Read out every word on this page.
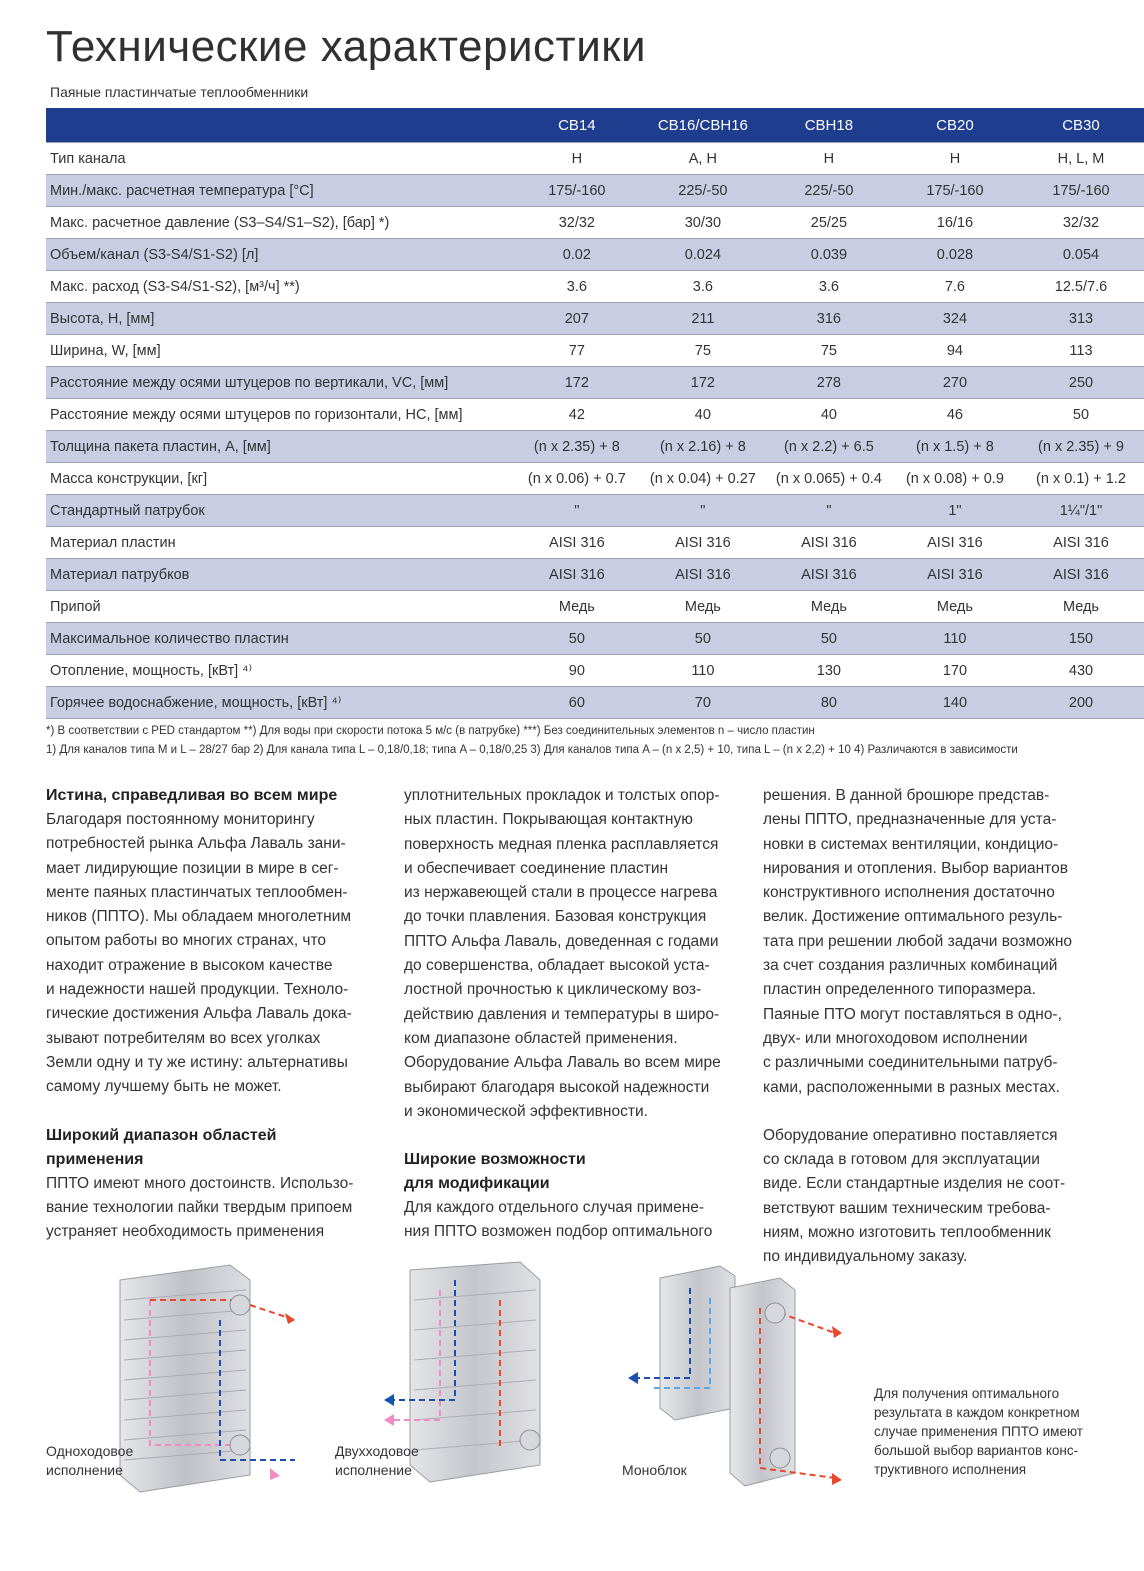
Технические характеристики
Паяные пластинчатые теплообменники
	CB14	CB16/CBH16	CBH18	CB20	CB30
Тип канала	H	A, H	H	H	H, L, M
Мин./макс. расчетная температура [°C]	175/-160	225/-50	225/-50	175/-160	175/-160
Макс. расчетное давление (S3–S4/S1–S2), [бар] *)	32/32	30/30	25/25	16/16	32/32
Объем/канал (S3-S4/S1-S2) [л]	0.02	0.024	0.039	0.028	0.054
Макс. расход (S3-S4/S1-S2), [м³/ч] **)	3.6	3.6	3.6	7.6	12.5/7.6
Высота, H, [мм]	207	211	316	324	313
Ширина, W, [мм]	77	75	75	94	113
Расстояние между осями штуцеров по вертикали, VC, [мм]	172	172	278	270	250
Расстояние между осями штуцеров по горизонтали, HC, [мм]	42	40	40	46	50
Толщина пакета пластин, A, [мм]	(n x 2.35) + 8	(n x 2.16) + 8	(n x 2.2) + 6.5	(n x 1.5) + 8	(n x 2.35) + 9
Масса конструкции, [кг]	(n x 0.06) + 0.7	(n x 0.04) + 0.27	(n x 0.065) + 0.4	(n x 0.08) + 0.9	(n x 0.1) + 1.2
Стандартный патрубок	"	"	"	1"	1¼"/1"
Материал пластин	AISI 316	AISI 316	AISI 316	AISI 316	AISI 316
Материал патрубков	AISI 316	AISI 316	AISI 316	AISI 316	AISI 316
Припой	Медь	Медь	Медь	Медь	Медь
Максимальное количество пластин	50	50	50	110	150
Отопление, мощность, [кВт] ⁴⁾	90	110	130	170	430
Горячее водоснабжение, мощность, [кВт] ⁴⁾	60	70	80	140	200
*) В соответствии с PED стандартом **) Для воды при скорости потока 5 м/с (в патрубке) ***) Без соединительных элементов n – число пластин
1) Для каналов типа M и L – 28/27 бар 2) Для канала типа L – 0,18/0,18; типа A – 0,18/0,25 3) Для каналов типа A – (n x 2,5) + 10, типа L – (n x 2,2) + 10 4) Различаются в зависимости
Истина, справедливая во всем мире
Благодаря постоянному мониторингу
потребностей рынка Альфа Лаваль зани-
мает лидирующие позиции в мире в сег-
менте паяных пластинчатых теплообмен-
ников (ППТО). Мы обладаем многолетним
опытом работы во многих странах, что
находит отражение в высоком качестве
и надежности нашей продукции. Техноло-
гические достижения Альфа Лаваль дока-
зывают потребителям во всех уголках
Земли одну и ту же истину: альтернативы
самому лучшему быть не может.
Широкий диапазон областей
применения
ППТО имеют много достоинств. Использо-
вание технологии пайки твердым припоем
устраняет необходимость применения
уплотнительных прокладок и толстых опор-
ных пластин. Покрывающая контактную
поверхность медная пленка расплавляется
и обеспечивает соединение пластин
из нержавеющей стали в процессе нагрева
до точки плавления. Базовая конструкция
ППТО Альфа Лаваль, доведенная с годами
до совершенства, обладает высокой уста-
лостной прочностью к циклическому воз-
действию давления и температуры в широ-
ком диапазоне областей применения.
Оборудование Альфа Лаваль во всем мире
выбирают благодаря высокой надежности
и экономической эффективности.
Широкие возможности
для модификации
Для каждого отдельного случая примене-
ния ППТО возможен подбор оптимального
решения. В данной брошюре представ-
лены ППТО, предназначенные для уста-
новки в системах вентиляции, кондицио-
нирования и отопления. Выбор вариантов
конструктивного исполнения достаточно
велик. Достижение оптимального резуль-
тата при решении любой задачи возможно
за счет создания различных комбинаций
пластин определенного типоразмера.
Паяные ПТО могут поставляться в одно-,
двух- или многоходовом исполнении
с различными соединительными патруб-
ками, расположенными в разных местах.
Оборудование оперативно поставляется
со склада в готовом для эксплуатации
виде. Если стандартные изделия не соот-
ветствуют вашим техническим требова-
ниям, можно изготовить теплообменник
по индивидуальному заказу.
Одноходовое
исполнение
Двухходовое
исполнение	Моноблок
Для получения оптимального
результата в каждом конкретном
случае применения ППТО имеют
большой выбор вариантов конс-
труктивного исполнения
